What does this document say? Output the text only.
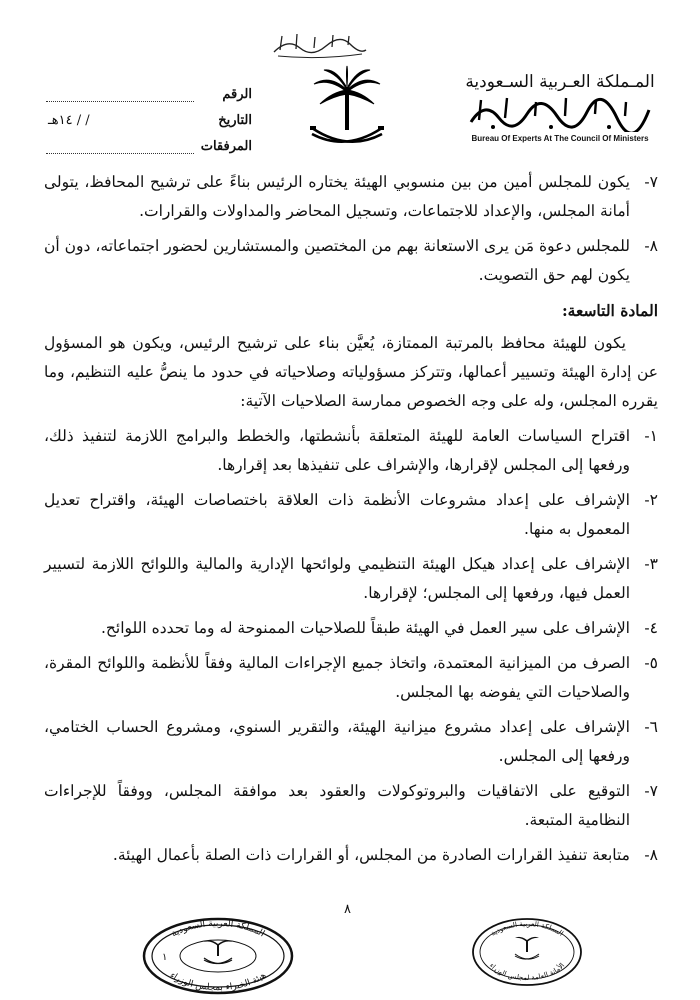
المـملكة العـربية السـعودية
Bureau Of Experts At The Council Of Ministers
الرقم
التاريخ
/ / ١٤هـ
المرفقات
٧-
يكون للمجلس أمين من بين منسوبي الهيئة يختاره الرئيس بناءً على ترشيح المحافظ، يتولى أمانة المجلس، والإعداد للاجتماعات، وتسجيل المحاضر والمداولات والقرارات.
٨-
للمجلس دعوة مَن يرى الاستعانة بهم من المختصين والمستشارين لحضور اجتماعاته، دون أن يكون لهم حق التصويت.
المادة التاسعة:
يكون للهيئة محافظ بالمرتبة الممتازة، يُعيَّن بناء على ترشيح الرئيس، ويكون هو المسؤول عن إدارة الهيئة وتسيير أعمالها، وتتركز مسؤولياته وصلاحياته في حدود ما ينصُّ عليه التنظيم، وما يقرره المجلس، وله على وجه الخصوص ممارسة الصلاحيات الآتية:
١-
اقتراح السياسات العامة للهيئة المتعلقة بأنشطتها، والخطط والبرامج اللازمة لتنفيذ ذلك، ورفعها إلى المجلس لإقرارها، والإشراف على تنفيذها بعد إقرارها.
٢-
الإشراف على إعداد مشروعات الأنظمة ذات العلاقة باختصاصات الهيئة، واقتراح تعديل المعمول به منها.
٣-
الإشراف على إعداد هيكل الهيئة التنظيمي ولوائحها الإدارية والمالية واللوائح اللازمة لتسيير العمل فيها، ورفعها إلى المجلس؛ لإقرارها.
٤-
الإشراف على سير العمل في الهيئة طبقاً للصلاحيات الممنوحة له وما تحدده اللوائح.
٥-
الصرف من الميزانية المعتمدة، واتخاذ جميع الإجراءات المالية وفقاً للأنظمة واللوائح المقرة، والصلاحيات التي يفوضه بها المجلس.
٦-
الإشراف على إعداد مشروع ميزانية الهيئة، والتقرير السنوي، ومشروع الحساب الختامي، ورفعها إلى المجلس.
٧-
التوقيع على الاتفاقيات والبروتوكولات والعقود بعد موافقة المجلس، ووفقاً للإجراءات النظامية المتبعة.
٨-
متابعة تنفيذ القرارات الصادرة من المجلس، أو القرارات ذات الصلة بأعمال الهيئة.
٨
المملكة العربية السعودية
هيئة الخبراء بمجلس الوزراء
١
المملكة العربية السعودية
الأمانة العامة لمجلس الوزراء
